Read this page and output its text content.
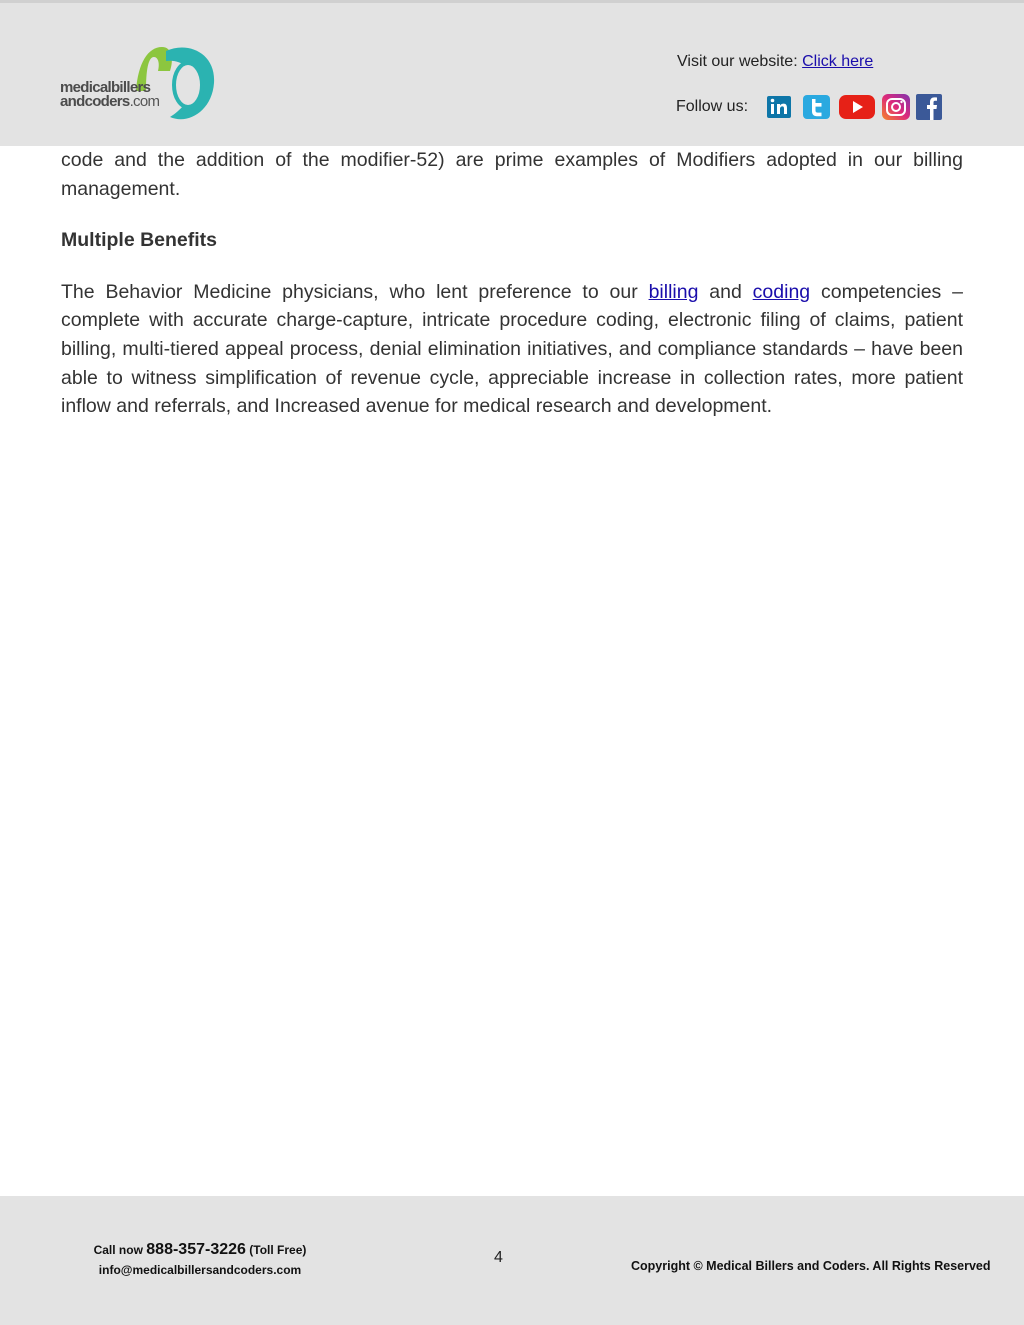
medicalbillers
andcoders.com
Visit our website: Click here
Follow us:

code and the addition of the modifier-52) are prime examples of Modifiers adopted in our billing management.

Multiple Benefits

The Behavior Medicine physicians, who lent preference to our billing and coding competencies – complete with accurate charge-capture, intricate procedure coding, electronic filing of claims, patient billing, multi-tiered appeal process, denial elimination initiatives, and compliance standards – have been able to witness simplification of revenue cycle, appreciable increase in collection rates, more patient inflow and referrals, and Increased avenue for medical research and development.

Call now 888-357-3226 (Toll Free)
info@medicalbillersandcoders.com
4	Copyright © Medical Billers and Coders. All Rights Reserved
